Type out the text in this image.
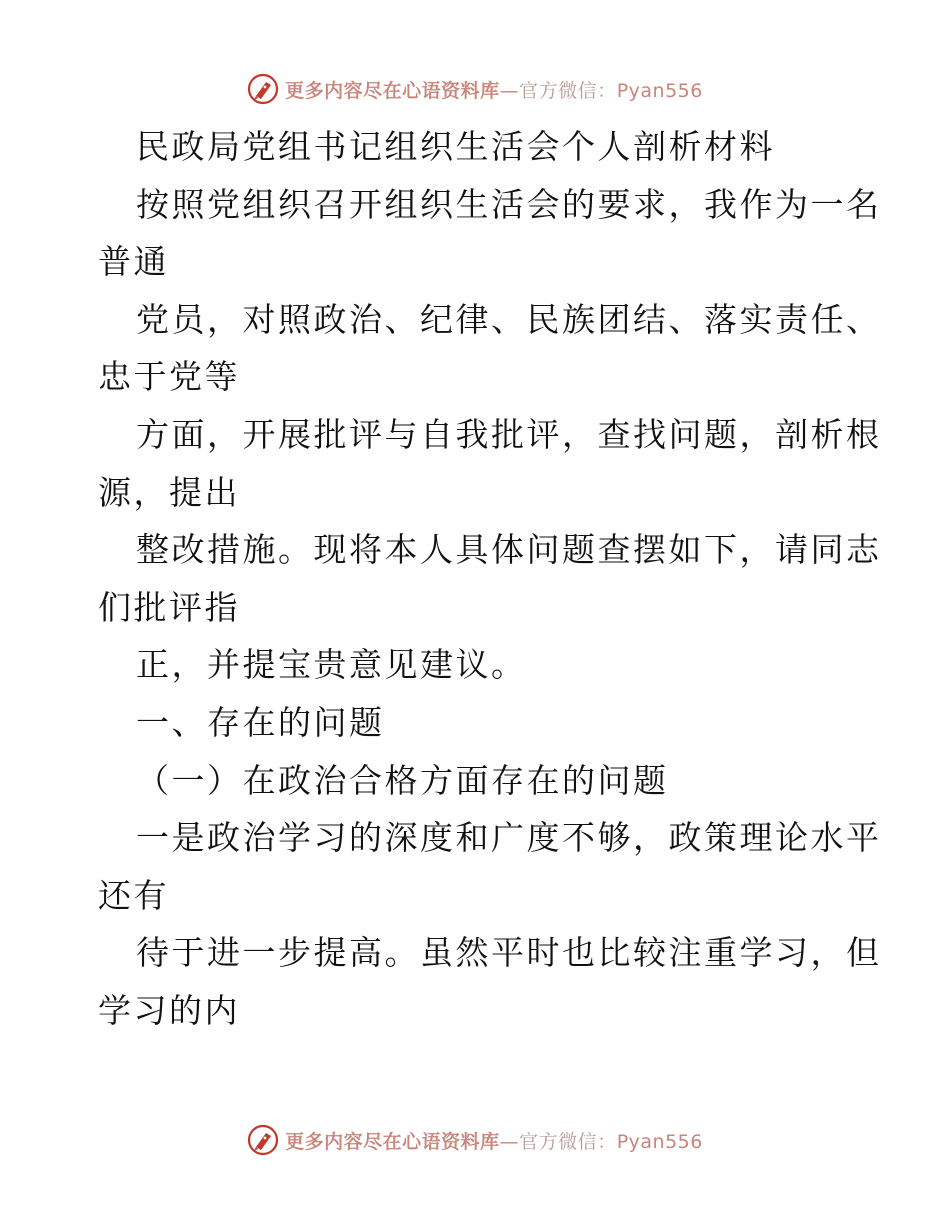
更多内容尽在心语资料库—官方微信：Pyan556
民政局党组书记组织生活会个人剖析材料
按照党组织召开组织生活会的要求，我作为一名
普通
党员，对照政治、纪律、民族团结、落实责任、
忠于党等
方面，开展批评与自我批评，查找问题，剖析根
源，提出
整改措施。现将本人具体问题查摆如下，请同志
们批评指
正，并提宝贵意见建议。
一、存在的问题
（一）在政治合格方面存在的问题
一是政治学习的深度和广度不够，政策理论水平
还有
待于进一步提高。虽然平时也比较注重学习，但
学习的内
更多内容尽在心语资料库—官方微信：Pyan556
